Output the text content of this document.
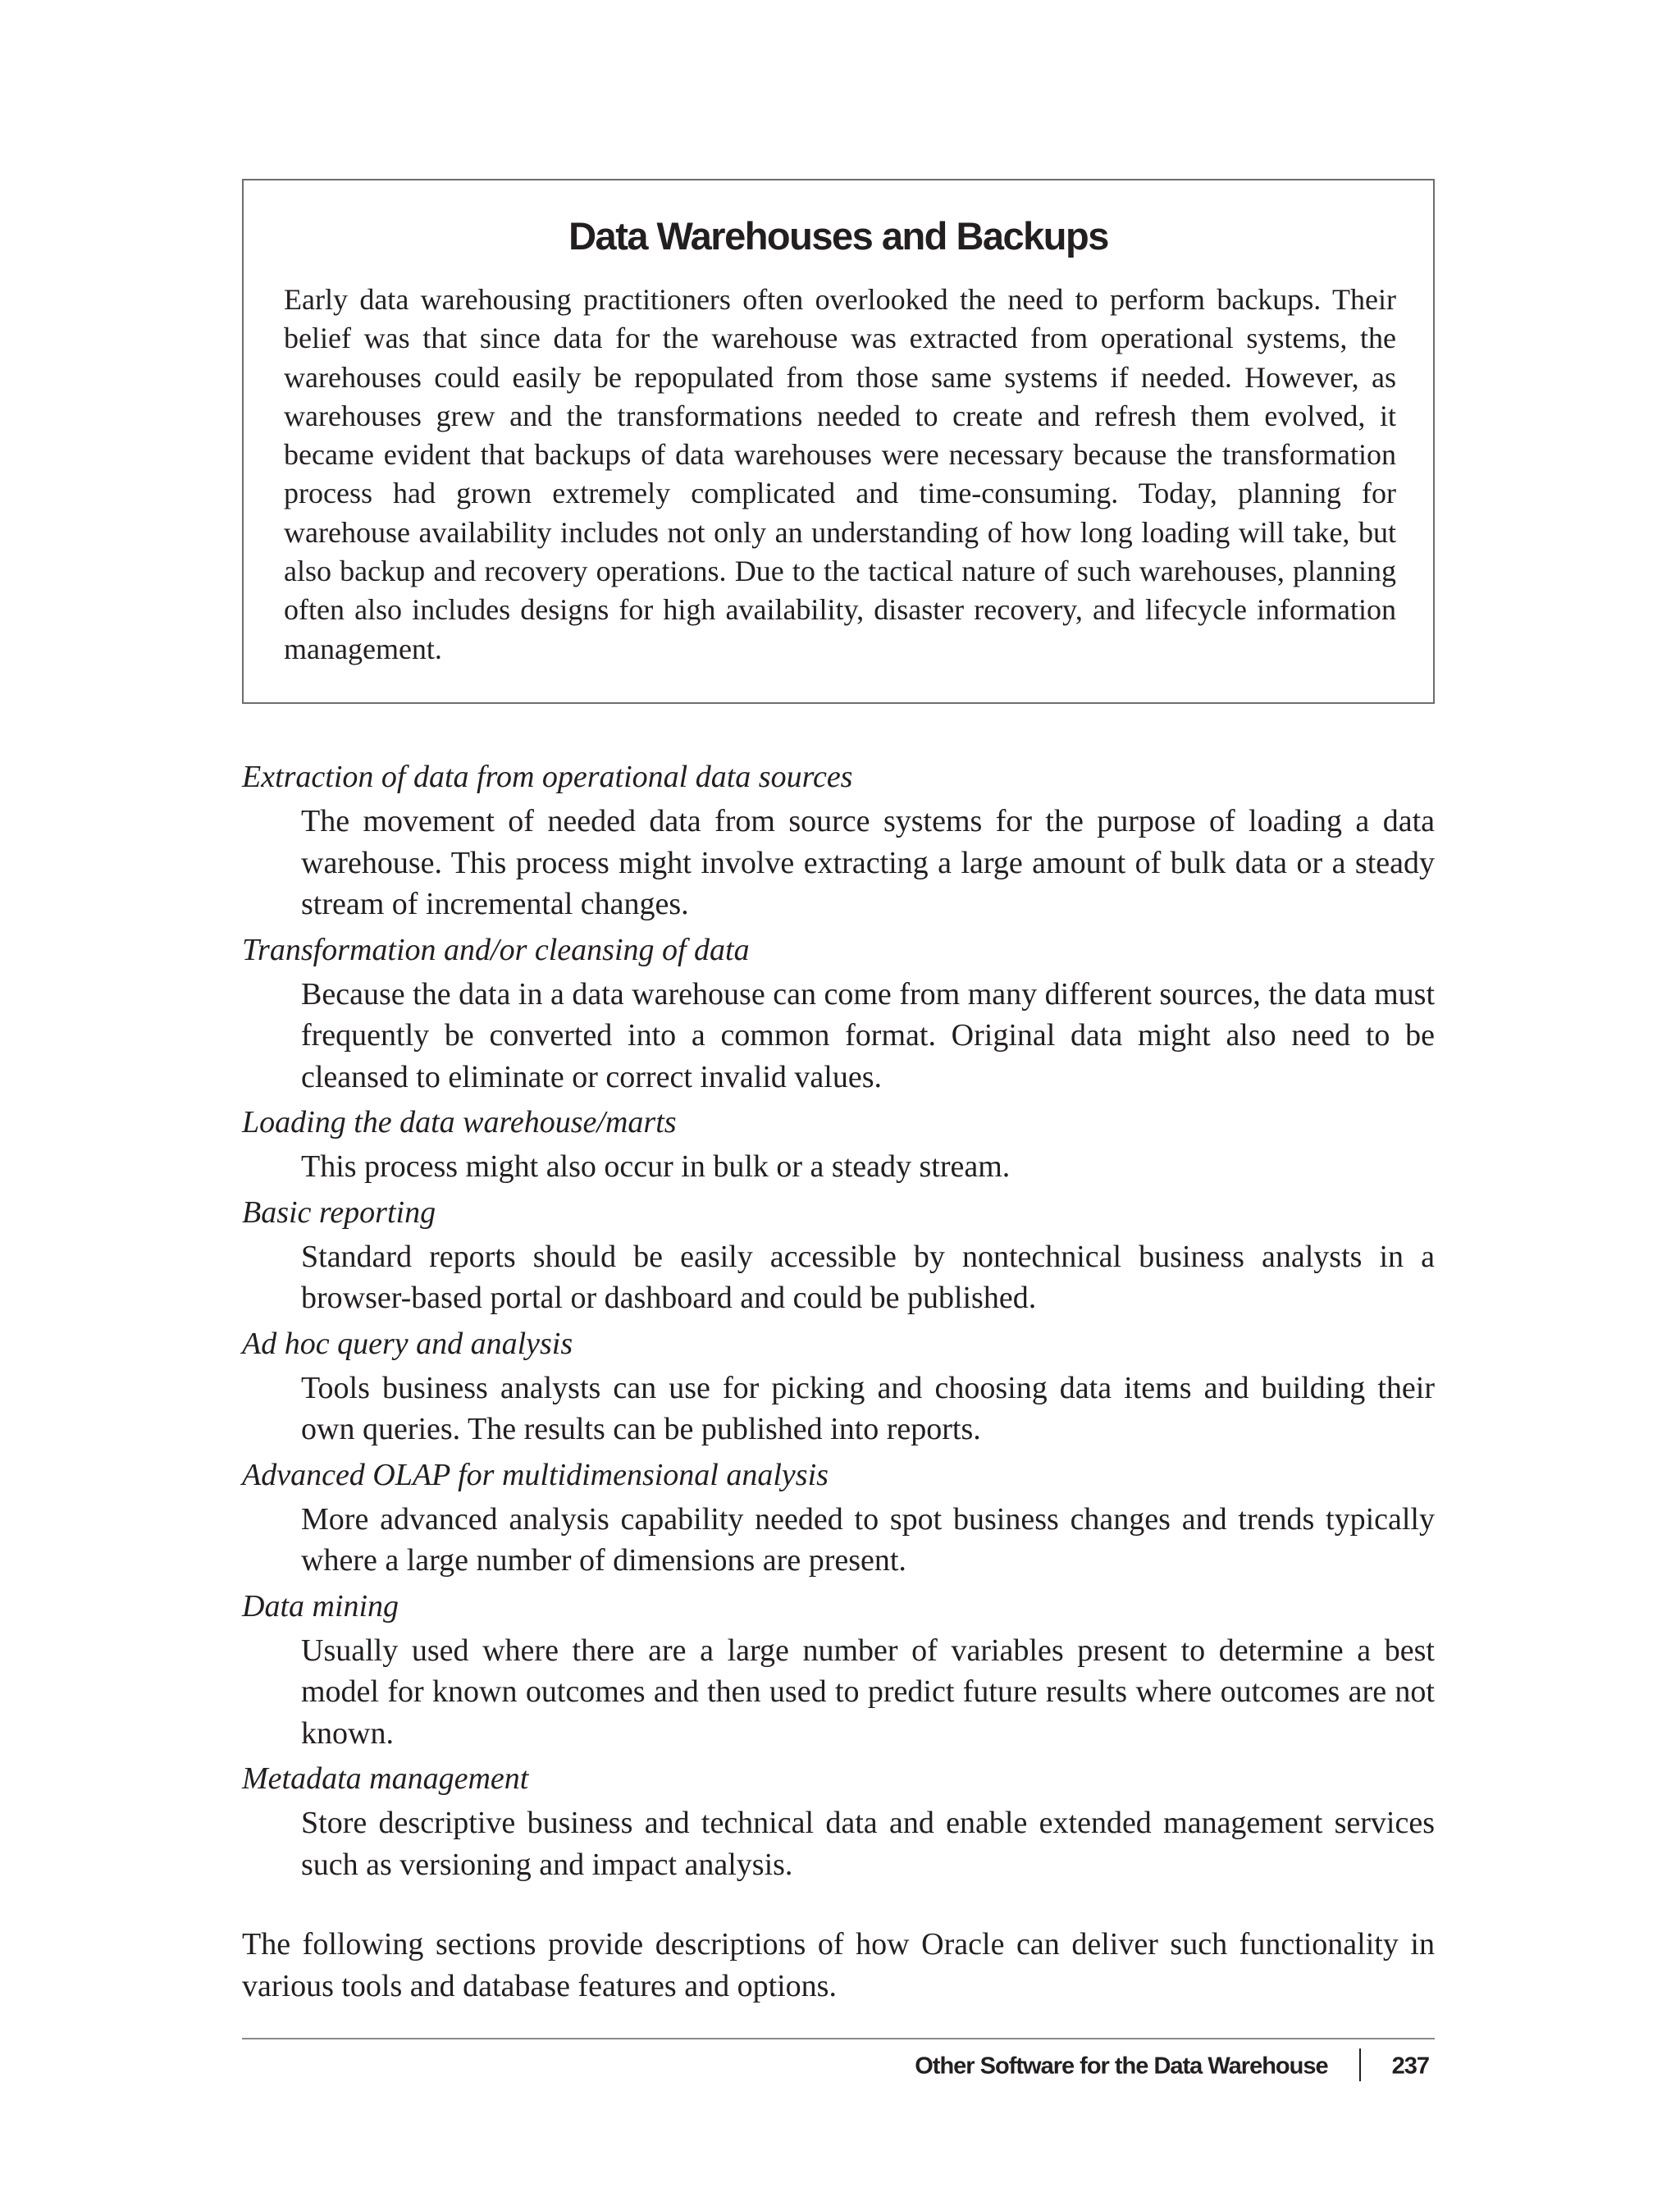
Data Warehouses and Backups

Early data warehousing practitioners often overlooked the need to perform backups. Their belief was that since data for the warehouse was extracted from operational systems, the warehouses could easily be repopulated from those same systems if needed. However, as warehouses grew and the transformations needed to create and refresh them evolved, it became evident that backups of data warehouses were necessary because the transformation process had grown extremely complicated and time-consuming. Today, planning for warehouse availability includes not only an understanding of how long loading will take, but also backup and recovery operations. Due to the tactical nature of such warehouses, planning often also includes designs for high availability, disaster recovery, and lifecycle information management.

Extraction of data from operational data sources

The movement of needed data from source systems for the purpose of loading a data warehouse. This process might involve extracting a large amount of bulk data or a steady stream of incremental changes.

Transformation and/or cleansing of data

Because the data in a data warehouse can come from many different sources, the data must frequently be converted into a common format. Original data might also need to be cleansed to eliminate or correct invalid values.

Loading the data warehouse/marts

This process might also occur in bulk or a steady stream.

Basic reporting

Standard reports should be easily accessible by nontechnical business analysts in a browser-based portal or dashboard and could be published.

Ad hoc query and analysis

Tools business analysts can use for picking and choosing data items and building their own queries. The results can be published into reports.

Advanced OLAP for multidimensional analysis

More advanced analysis capability needed to spot business changes and trends typically where a large number of dimensions are present.

Data mining

Usually used where there are a large number of variables present to determine a best model for known outcomes and then used to predict future results where outcomes are not known.

Metadata management

Store descriptive business and technical data and enable extended management services such as versioning and impact analysis.

The following sections provide descriptions of how Oracle can deliver such functionality in various tools and database features and options.

Other Software for the Data Warehouse	237
